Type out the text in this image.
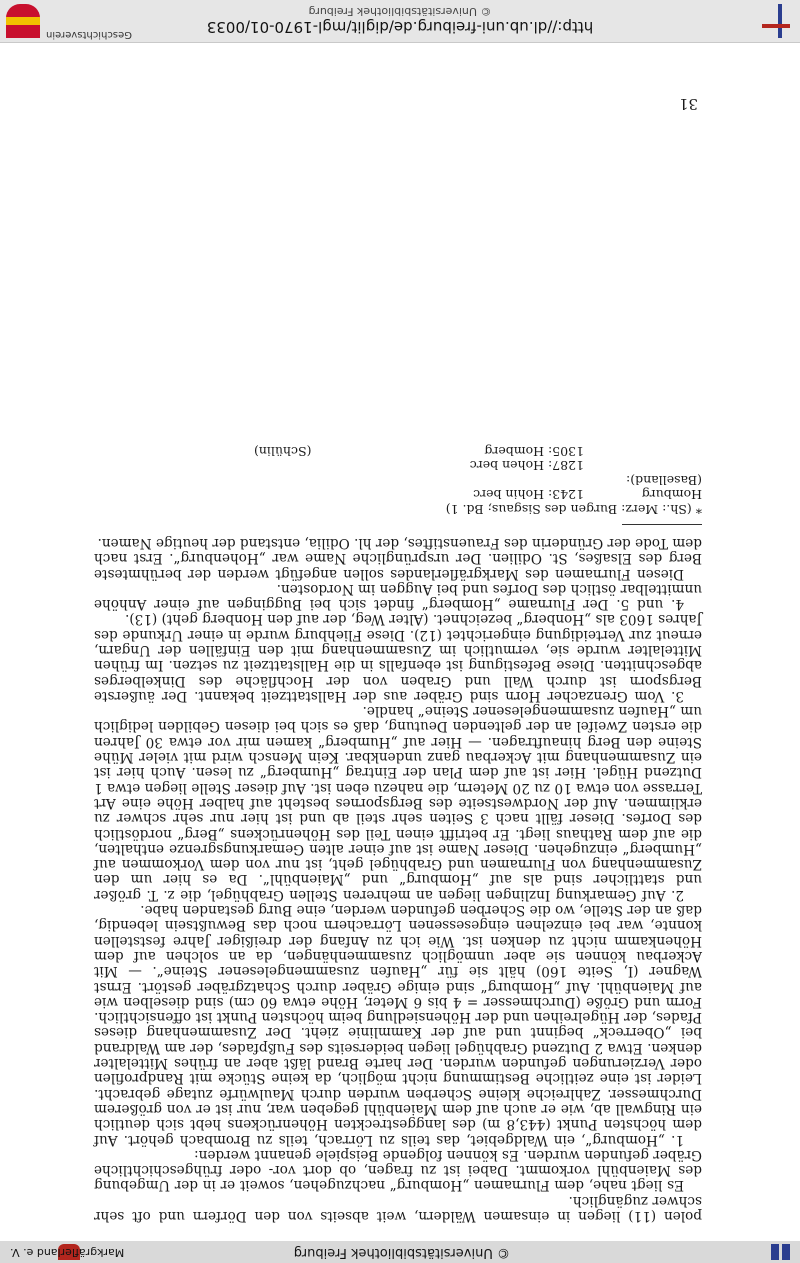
© Universitätsbibliothek Freiburg
Markgräflerland e. V.

polen (11) liegen in einsamen Wäldern, weit abseits von den Dörfern und oft sehr schwer zugänglich.

Es liegt nahe, dem Flurnamen „Homburg“ nachzugehen, soweit er in der Umgebung des Maienbühl vorkommt. Dabei ist zu fragen, ob dort vor- oder frühgeschichtliche Gräber gefunden wurden. Es können folgende Beispiele genannt werden:

1. „Homburg“, ein Waldgebiet, das teils zu Lörrach, teils zu Brombach gehört. Auf dem höchsten Punkt (443,8 m) des langgestreckten Höhenrückens hebt sich deutlich ein Ringwall ab, wie er auch auf dem Maienbühl gegeben war, nur ist er von größerem Durchmesser. Zahlreiche kleine Scherben wurden durch Maulwürfe zutage gebracht. Leider ist eine zeitliche Bestimmung nicht möglich, da keine Stücke mit Randprofilen oder Verzierungen gefunden wurden. Der harte Brand läßt aber an frühes Mittelalter denken. Etwa 2 Dutzend Grabhügel liegen beiderseits des Fußpfades, der am Waldrand bei „Oberreck“ beginnt und auf der Kammlinie zieht. Der Zusammenhang dieses Pfades, der Hügelreihen und der Höhensiedlung beim höchsten Punkt ist offensichtlich. Form und Größe (Durchmesser = 4 bis 6 Meter, Höhe etwa 60 cm) sind dieselben wie auf Maienbühl. Auf „Homburg“ sind einige Gräber durch Schatzgräber gestört. Ernst Wagner (I, Seite 160) hält sie für „Haufen zusammengelesener Steine“. — Mit Ackerbau können sie aber unmöglich zusammenhängen, da an solchen auf dem Höhenkamm nicht zu denken ist. Wie ich zu Anfang der dreißiger Jahre feststellen konnte, war bei einzelnen eingesessenen Lörrachern noch das Bewußtsein lebendig, daß an der Stelle, wo die Scherben gefunden werden, eine Burg gestanden habe.

2. Auf Gemarkung Inzlingen liegen an mehreren Stellen Grabhügel, die z. T. größer und stattlicher sind als auf „Homburg“ und „Maienbühl“. Da es hier um den Zusammenhang von Flurnamen und Grabhügel geht, ist nur von dem Vorkommen auf „Humberg“ einzugehen. Dieser Name ist auf einer alten Gemarkungsgrenze enthalten, die auf dem Rathaus liegt. Er betrifft einen Teil des Höhenrückens „Berg“ nordöstlich des Dorfes. Dieser fällt nach 3 Seiten sehr steil ab und ist hier nur sehr schwer zu erklimmen. Auf der Nordwestseite des Bergspornes besteht auf halber Höhe eine Art Terrasse von etwa 10 zu 20 Metern, die nahezu eben ist. Auf dieser Stelle liegen etwa 1 Dutzend Hügel. Hier ist auf dem Plan der Eintrag „Humberg“ zu lesen. Auch hier ist ein Zusammenhang mit Ackerbau ganz undenkbar. Kein Mensch wird mit vieler Mühe Steine den Berg hinauftragen. — Hier auf „Humberg“ kamen mir vor etwa 30 Jahren die ersten Zweifel an der geltenden Deutung, daß es sich bei diesen Gebilden lediglich um „Haufen zusammengelesener Steine“ handle.

3. Vom Grenzacher Horn sind Gräber aus der Hallstattzeit bekannt. Der äußerste Bergsporn ist durch Wall und Graben von der Hochfläche des Dinkelberges abgeschnitten. Diese Befestigung ist ebenfalls in die Hallstattzeit zu setzen. Im frühen Mittelalter wurde sie, vermutlich im Zusammenhang mit den Einfällen der Ungarn, erneut zur Verteidigung eingerichtet (12). Diese Fliehburg wurde in einer Urkunde des Jahres 1603 als „Honberg“ bezeichnet. (Alter Weg, der auf den Honberg geht) (13).

4. und 5. Der Flurname „Homberg“ findet sich bei Buggingen auf einer Anhöhe unmittelbar östlich des Dorfes und bei Auggen im Nordosten.

Diesen Flurnamen des Markgräflerlandes sollen angefügt werden der berühmteste Berg des Elsaßes, St. Odilien. Der ursprüngliche Name war „Hohenburg“. Erst nach dem Tode der Gründerin des Frauenstiftes, der hl. Odilia, entstand der heutige Namen.

* (Sh.: Merz: Burgen des Sisgaus; Bd. 1)
Homburg (Baselland):
1243: Hohin berc
1287: Hohen berc
1305: Homberg
(Schülin)
31
http://dl.ub.uni-freiburg.de/diglit/mgl-1970-01/0033
© Universitätsbibliothek Freiburg
Geschichtsverein
